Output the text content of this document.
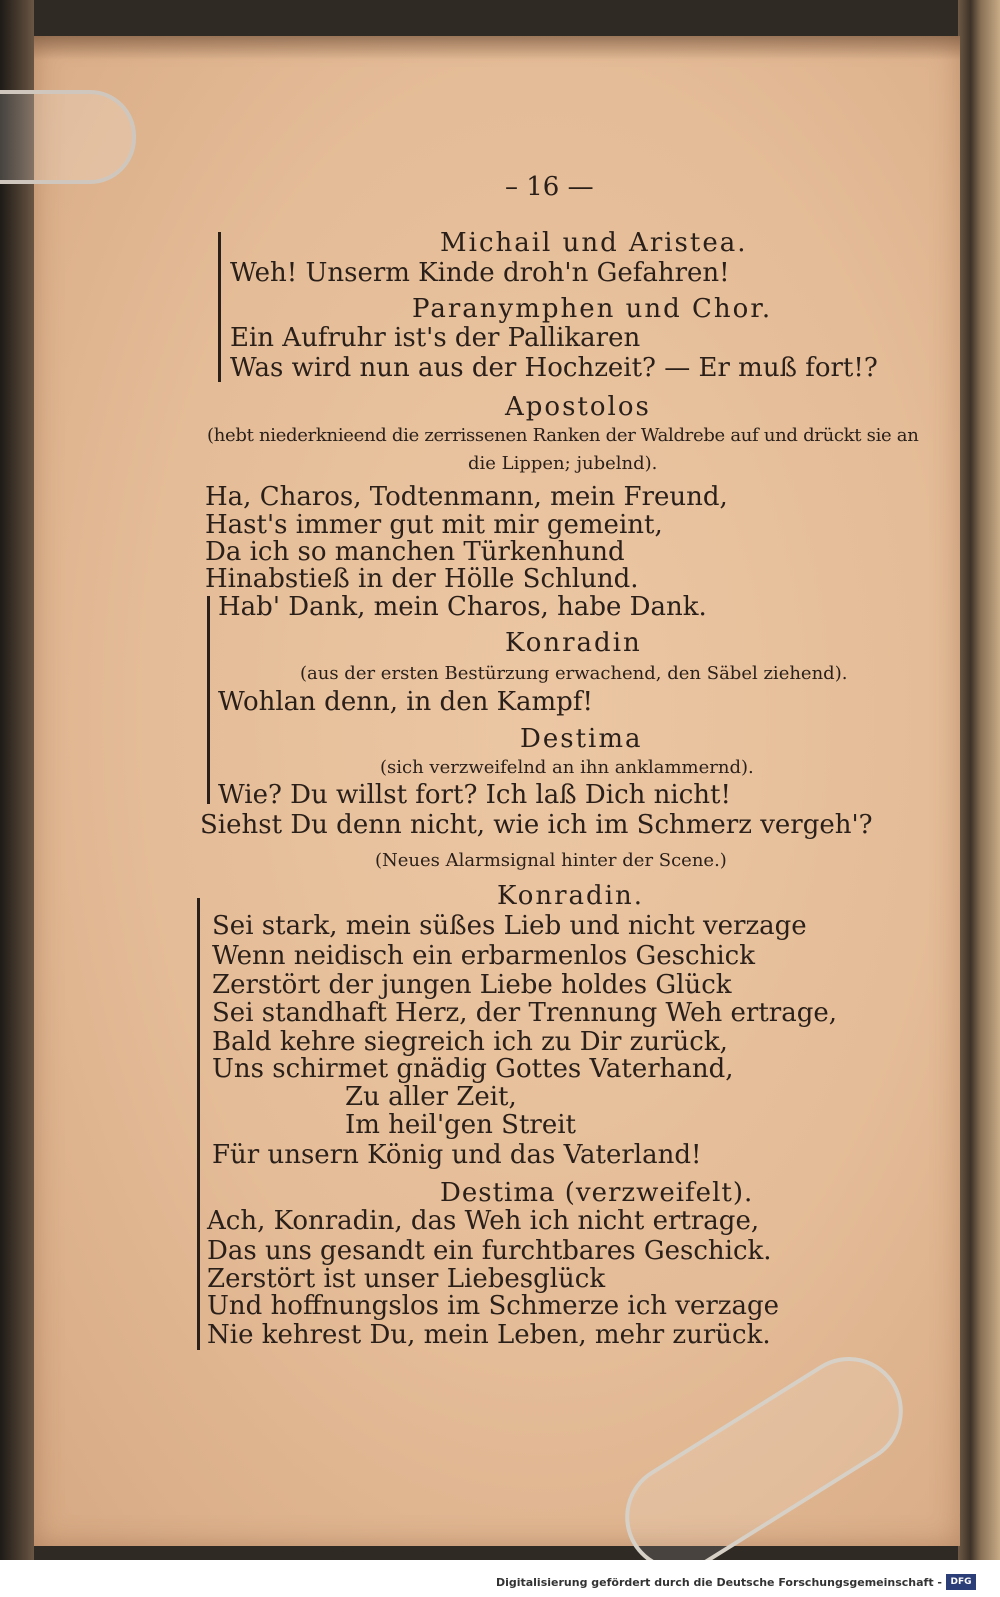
– 16 —
Michail und Aristea.
Weh! Unserm Kinde droh'n Gefahren!
Paranymphen und Chor.
Ein Aufruhr ist's der Pallikaren
Was wird nun aus der Hochzeit? — Er muß fort!?
Apostolos
(hebt niederknieend die zerrissenen Ranken der Waldrebe auf und drückt sie an
die Lippen; jubelnd).
Ha, Charos, Todtenmann, mein Freund,
Hast's immer gut mit mir gemeint,
Da ich so manchen Türkenhund
Hinabstieß in der Hölle Schlund.
Hab' Dank, mein Charos, habe Dank.
Konradin
(aus der ersten Bestürzung erwachend, den Säbel ziehend).
Wohlan denn, in den Kampf!
Destima
(sich verzweifelnd an ihn anklammernd).
Wie? Du willst fort? Ich laß Dich nicht!
Siehst Du denn nicht, wie ich im Schmerz vergeh'?
(Neues Alarmsignal hinter der Scene.)
Konradin.
Sei stark, mein süßes Lieb und nicht verzage
Wenn neidisch ein erbarmenlos Geschick
Zerstört der jungen Liebe holdes Glück
Sei standhaft Herz, der Trennung Weh ertrage,
Bald kehre siegreich ich zu Dir zurück,
Uns schirmet gnädig Gottes Vaterhand,
Zu aller Zeit,
Im heil'gen Streit
Für unsern König und das Vaterland!
Destima (verzweifelt).
Ach, Konradin, das Weh ich nicht ertrage,
Das uns gesandt ein furchtbares Geschick.
Zerstört ist unser Liebesglück
Und hoffnungslos im Schmerze ich verzage
Nie kehrest Du, mein Leben, mehr zurück.
Digitalisierung gefördert durch die Deutsche Forschungsgemeinschaft - DFG
